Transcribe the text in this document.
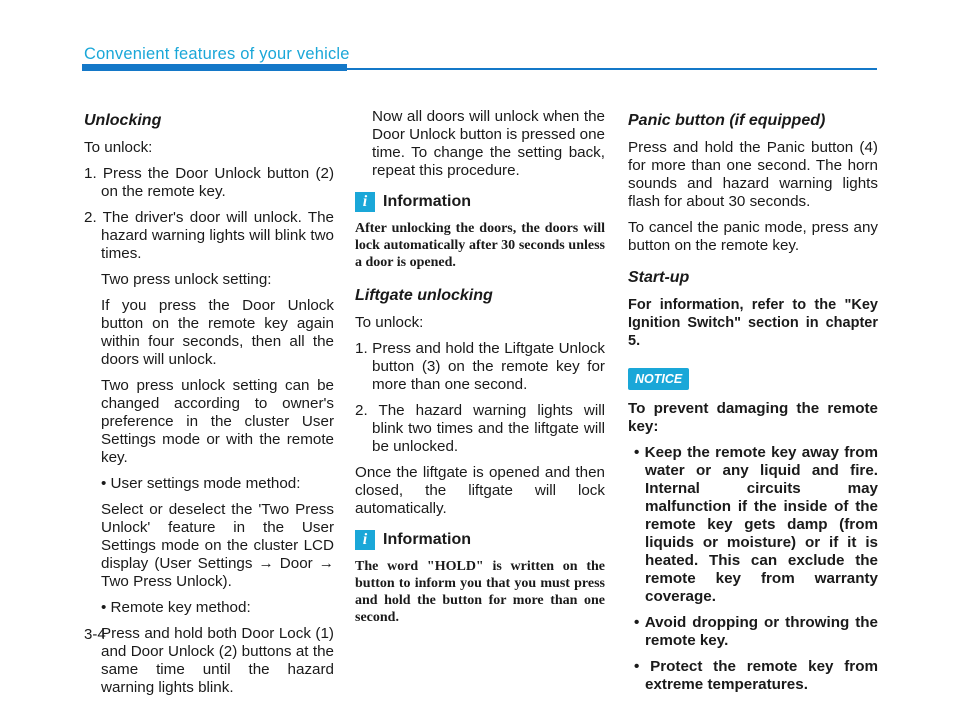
Convenient features of your vehicle
Unlocking

To unlock:

1. Press the Door Unlock button (2) on the remote key.
2. The driver's door will unlock. The hazard warning lights will blink two times.

Two press unlock setting:

If you press the Door Unlock button on the remote key again within four seconds, then all the doors will unlock.

Two press unlock setting can be changed according to owner's preference in the cluster User Settings mode or with the remote key.

• User settings mode method:

Select or deselect the 'Two Press Unlock' feature in the User Settings mode on the cluster LCD display (User Settings → Door → Two Press Unlock).

• Remote key method:

Press and hold both Door Lock (1) and Door Unlock (2) buttons at the same time until the hazard warning lights blink.

Now all doors will unlock when the Door Unlock button is pressed one time. To change the setting back, repeat this procedure.

i Information
After unlocking the doors, the doors will lock automatically after 30 seconds unless a door is opened.
Liftgate unlocking

To unlock:

1. Press and hold the Liftgate Unlock button (3) on the remote key for more than one second.
2. The hazard warning lights will blink two times and the liftgate will be unlocked.

Once the liftgate is opened and then closed, the liftgate will lock automatically.

i Information
The word "HOLD" is written on the button to inform you that you must press and hold the button for more than one second.
Panic button (if equipped)

Press and hold the Panic button (4) for more than one second. The horn sounds and hazard warning lights flash for about 30 seconds.

To cancel the panic mode, press any button on the remote key.

Start-up

For information, refer to the "Key Ignition Switch" section in chapter 5.

NOTICE

To prevent damaging the remote key:

• Keep the remote key away from water or any liquid and fire. Internal circuits may malfunction if the inside of the remote key gets damp (from liquids or moisture) or if it is heated. This can exclude the remote key from warranty coverage.

• Avoid dropping or throwing the remote key.

• Protect the remote key from extreme temperatures.

3-4
